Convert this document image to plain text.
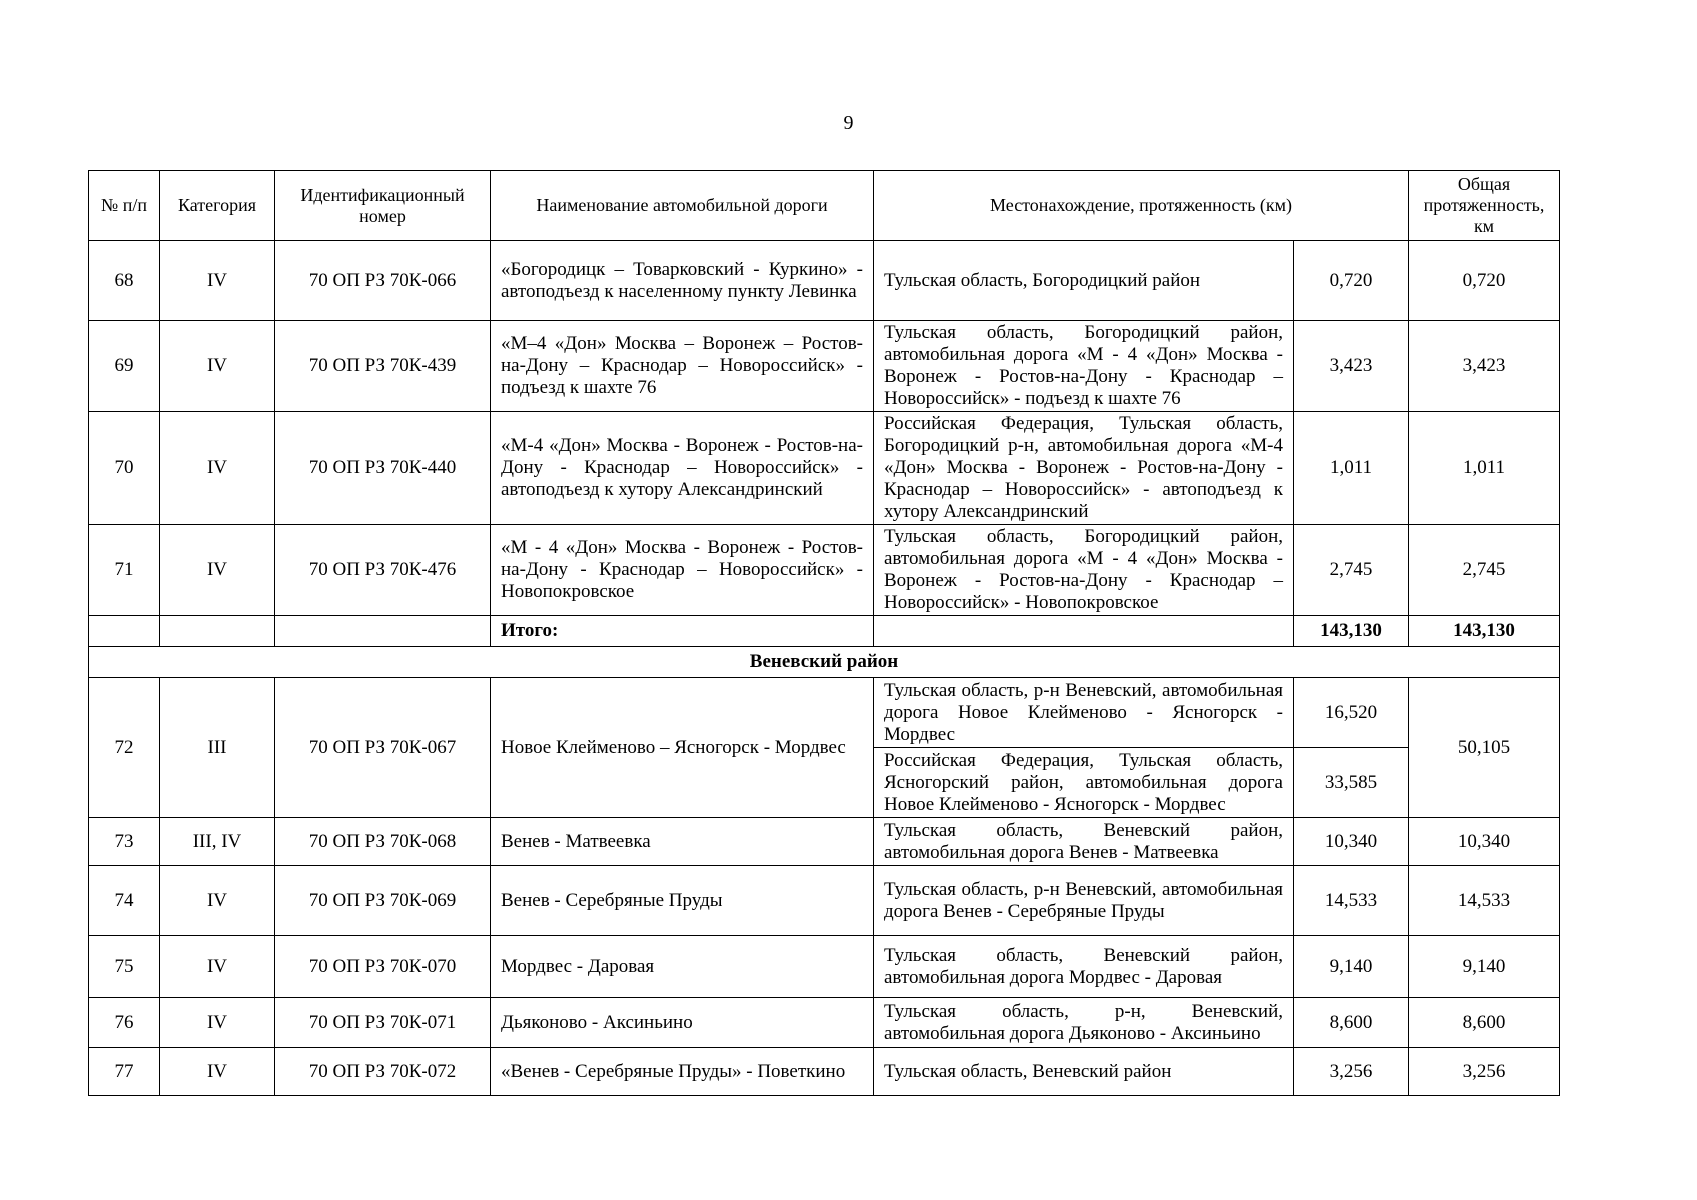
9
№ п/п	Категория	Идентификационный номер	Наименование автомобильной дороги	Местонахождение, протяженность (км)		Общая протяженность, км
68	IV	70 ОП РЗ 70К-066	«Богородицк – Товарковский - Куркино» - автоподъезд к населенному пункту Левинка	Тульская область, Богородицкий район	0,720	0,720
69	IV	70 ОП РЗ 70К-439	«М–4 «Дон» Москва – Воронеж – Ростов-на-Дону – Краснодар – Новороссийск» - подъезд к шахте 76	Тульская область, Богородицкий район, автомобильная дорога «М - 4 «Дон» Москва - Воронеж - Ростов-на-Дону - Краснодар – Новороссийск» - подъезд к шахте 76	3,423	3,423
70	IV	70 ОП РЗ 70К-440	«М-4 «Дон» Москва - Воронеж - Ростов-на-Дону - Краснодар – Новороссийск» - автоподъезд к хутору Александринский	Российская Федерация, Тульская область, Богородицкий р-н, автомобильная дорога «М-4 «Дон» Москва - Воронеж - Ростов-на-Дону - Краснодар – Новороссийск» - автоподъезд к хутору Александринский	1,011	1,011
71	IV	70 ОП РЗ 70К-476	«М - 4 «Дон» Москва - Воронеж - Ростов-на-Дону - Краснодар – Новороссийск» - Новопокровское	Тульская область, Богородицкий район, автомобильная дорога «М - 4 «Дон» Москва - Воронеж - Ростов-на-Дону - Краснодар – Новороссийск» - Новопокровское	2,745	2,745
			Итого:		143,130	143,130
Веневский район						
72	III	70 ОП РЗ 70К-067	Новое Клейменово – Ясногорск - Мордвес	Тульская область, р-н Веневский, автомобильная дорога Новое Клейменово - Ясногорск - Мордвес	16,520	50,105
				Российская Федерация, Тульская область, Ясногорский район, автомобильная дорога Новое Клейменово - Ясногорск - Мордвес	33,585	
73	III, IV	70 ОП РЗ 70К-068	Венев - Матвеевка	Тульская область, Веневский район, автомобильная дорога Венев - Матвеевка	10,340	10,340
74	IV	70 ОП РЗ 70К-069	Венев - Серебряные Пруды	Тульская область, р-н Веневский, автомобильная дорога Венев - Серебряные Пруды	14,533	14,533
75	IV	70 ОП РЗ 70К-070	Мордвес - Даровая	Тульская область, Веневский район, автомобильная дорога Мордвес - Даровая	9,140	9,140
76	IV	70 ОП РЗ 70К-071	Дьяконово - Аксиньино	Тульская область, р-н, Веневский, автомобильная дорога Дьяконово - Аксиньино	8,600	8,600
77	IV	70 ОП РЗ 70К-072	«Венев - Серебряные Пруды» - Поветкино	Тульская область, Веневский район	3,256	3,256
